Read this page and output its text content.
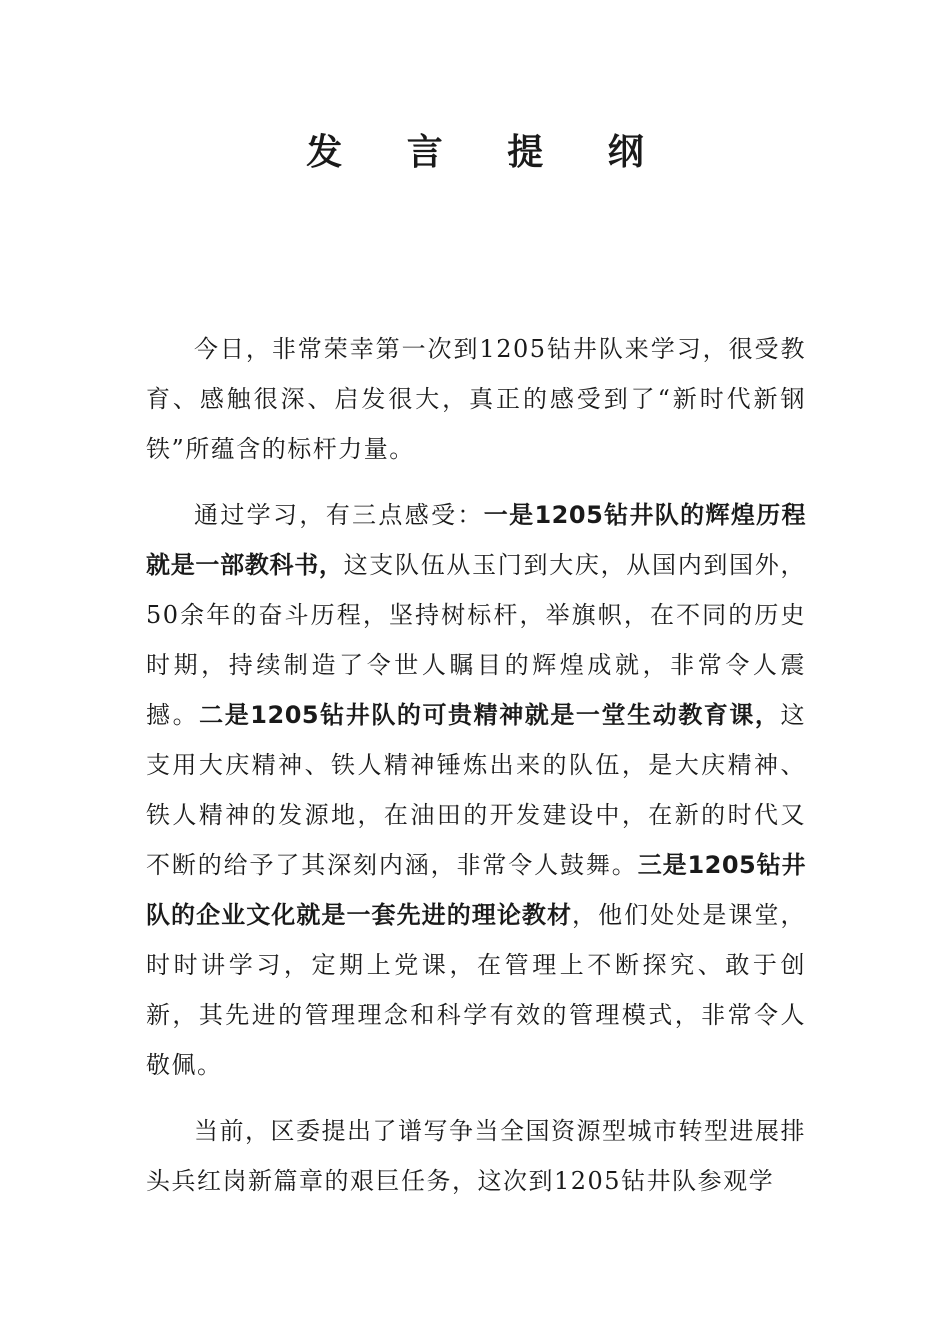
发 言 提 纲

今日，非常荣幸第一次到1205钻井队来学习，很受教育、感触很深、启发很大，真正的感受到了“新时代新钢铁”所蕴含的标杆力量。

通过学习，有三点感受：一是1205钻井队的辉煌历程就是一部教科书，这支队伍从玉门到大庆，从国内到国外，50余年的奋斗历程，坚持树标杆，举旗帜，在不同的历史时期，持续制造了令世人瞩目的辉煌成就，非常令人震撼。二是1205钻井队的可贵精神就是一堂生动教育课，这支用大庆精神、铁人精神锤炼出来的队伍，是大庆精神、铁人精神的发源地，在油田的开发建设中，在新的时代又不断的给予了其深刻内涵，非常令人鼓舞。三是1205钻井队的企业文化就是一套先进的理论教材，他们处处是课堂，时时讲学习，定期上党课，在管理上不断探究、敢于创新，其先进的管理理念和科学有效的管理模式，非常令人敬佩。

当前，区委提出了谱写争当全国资源型城市转型进展排头兵红岗新篇章的艰巨任务，这次到1205钻井队参观学
